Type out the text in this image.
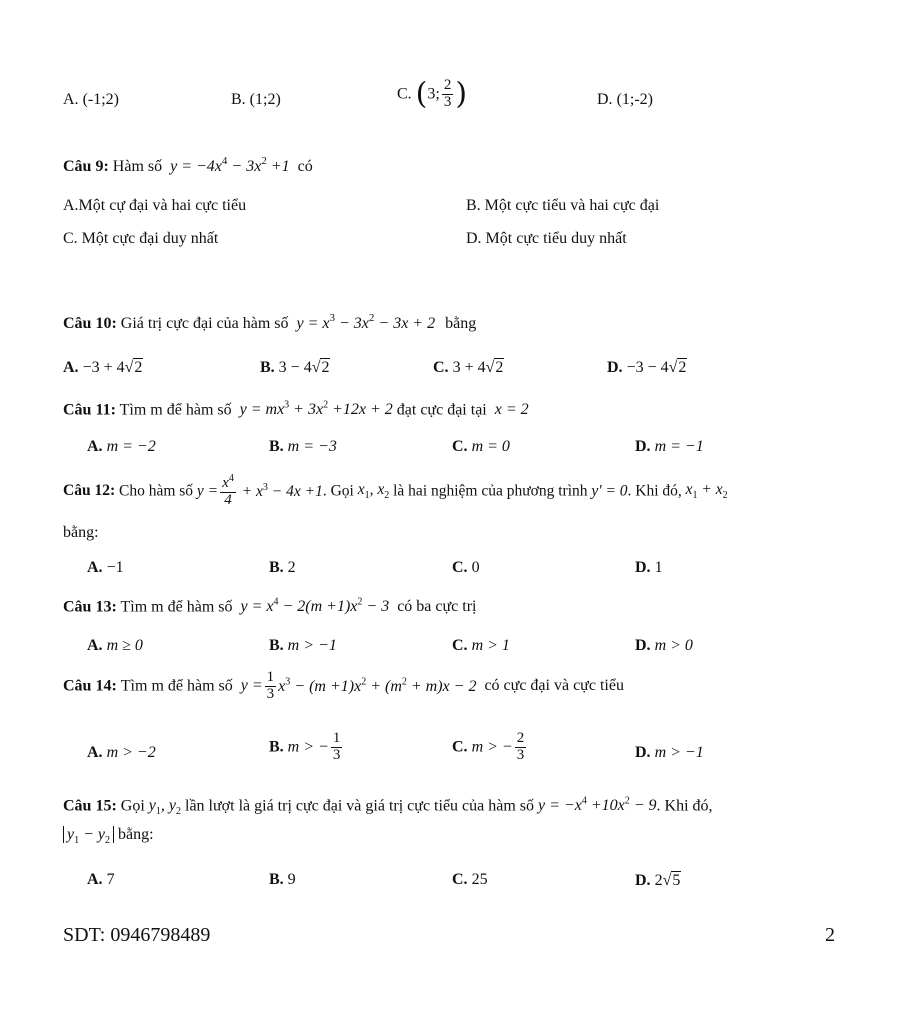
A. (-1;2)	B. (1;2)	C. (3; $\frac{2}{3}$ )	D. (1;-2)
Câu 9: Hàm số $y = -4x^4 - 3x^2 +1$ có
A.Một cự đại và hai cực tiểu	B. Một cực tiểu và hai cực đại
C. Một cực đại duy nhất	D. Một cực tiểu duy nhất
Câu 10: Giá trị cực đại của hàm số $y = x^3 - 3x^2 - 3x + 2$ bằng
A. −3 + 4√2	B. 3 − 4√2	C. 3 + 4√2	D. −3 − 4√2
Câu 11: Tìm m để hàm số $y = mx^3 + 3x^2 +12x + 2$ đạt cực đại tại x = 2
A. m = −2	B. m = −3	C. m = 0	D. m = −1
Câu 12: Cho hàm số $y = \frac{x^4}{4} + x^3 - 4x +1$. Gọi $x_1$, $x_2$ là hai nghiệm của phương trình y' = 0. Khi đó, $x_1 + x_2$
bằng:
A. −1	B. 2	C. 0	D. 1
Câu 13: Tìm m để hàm số $y = x^4 - 2(m +1)x^2 - 3$ có ba cực trị
A. m ≥ 0	B. m > −1	C. m > 1	D. m > 0
Câu 14: Tìm m để hàm số $y = \frac{1}{3} x^3 - (m +1)x^2 + (m^2 + m)x - 2$ có cực đại và cực tiểu
A. m > −2	B. m > − $\frac{1}{3}$	C. m > − $\frac{2}{3}$	D. m > −1
Câu 15: Gọi $y_1$, $y_2$ lần lượt là giá trị cực đại và giá trị cực tiểu của hàm số $y = -x^4 +10x^2 - 9$. Khi đó,
$y_1 - y_2$ bằng:
A. 7	B. 9	C. 25	D. 2√5
SDT: 0946798489	2
